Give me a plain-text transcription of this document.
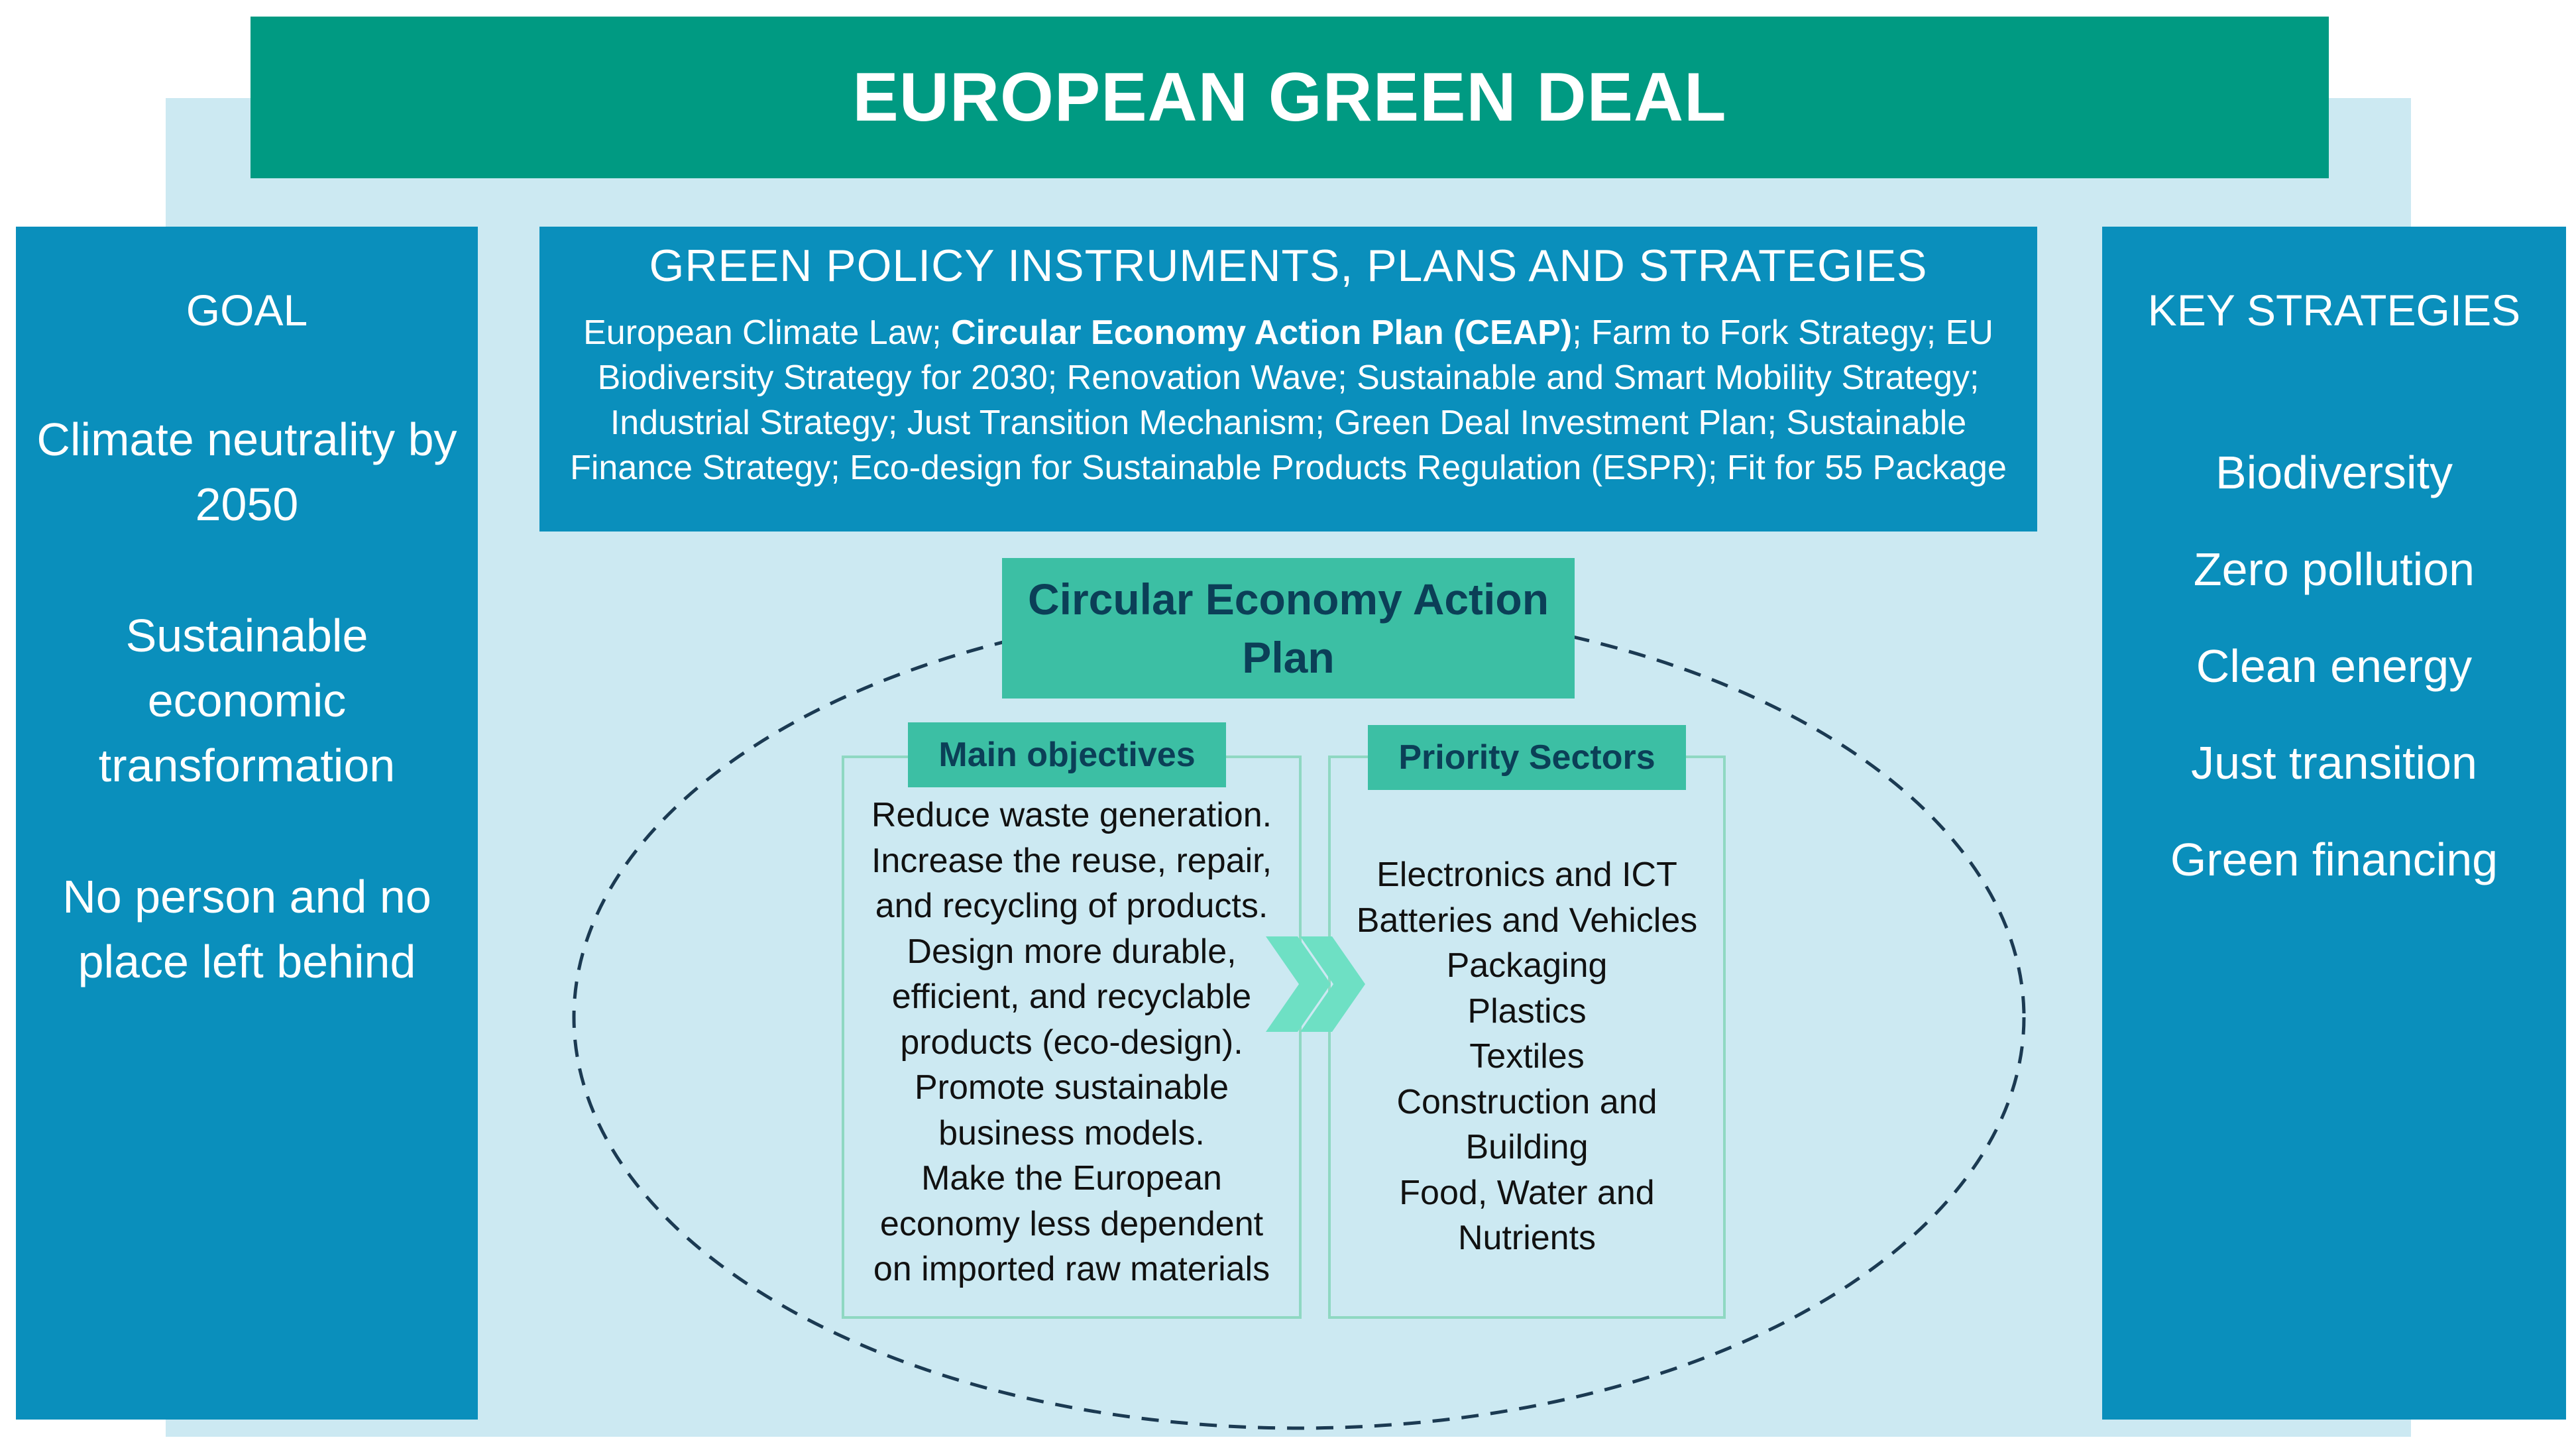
EUROPEAN GREEN DEAL
GOAL
Climate neutrality by 2050
Sustainable economic transformation
No person and no place left behind
GREEN POLICY INSTRUMENTS, PLANS AND STRATEGIES
European Climate Law; Circular Economy Action Plan (CEAP); Farm to Fork Strategy; EU Biodiversity Strategy for 2030; Renovation Wave; Sustainable and Smart Mobility Strategy; Industrial Strategy; Just Transition Mechanism; Green Deal Investment Plan; Sustainable Finance Strategy; Eco-design for Sustainable Products Regulation (ESPR); Fit for 55 Package
Circular Economy Action Plan
Main objectives	Priority Sectors
Reduce waste generation.
Increase the reuse, repair,
and recycling of products.
Design more durable,
efficient, and recyclable
products (eco-design).
Promote sustainable
business models.
Make the European
economy less dependent
on imported raw materials
Electronics and ICT
Batteries and Vehicles
Packaging
Plastics
Textiles
Construction and
Building
Food, Water and
Nutrients
KEY STRATEGIES
Biodiversity
Zero pollution
Clean energy
Just transition
Green financing
